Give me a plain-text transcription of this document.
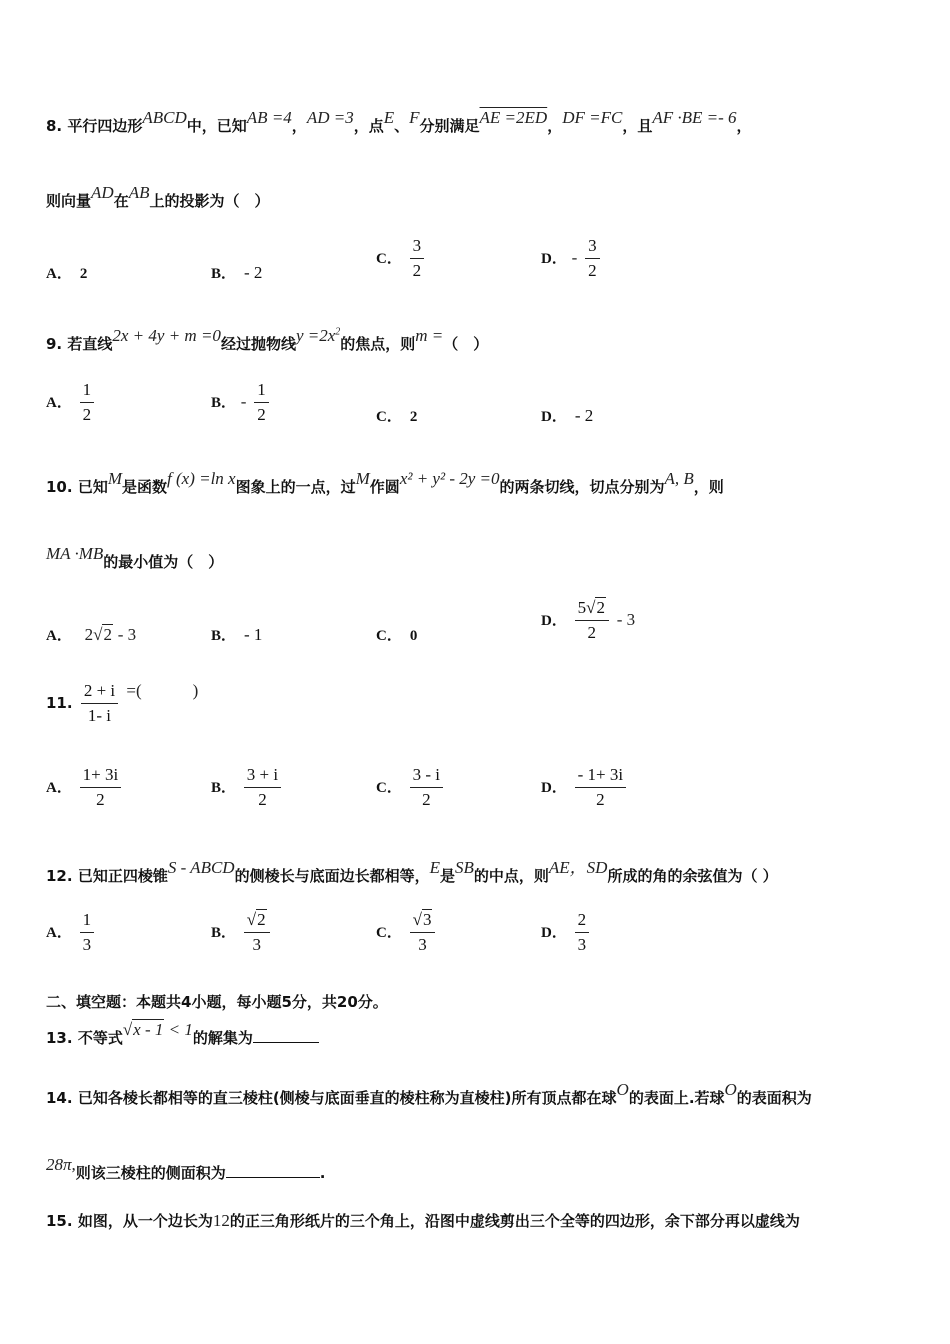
8. 平行四边形ABCD中，已知AB =4，AD =3，点E、F分别满足AE =2ED，DF =FC，且AF ·BE =- 6，
则向量AD在AB上的投影为（　）
A． 2	B． - 2
C． $\frac{3}{2}$	D． - $\frac{3}{2}$
9. 若直线2x + 4y + m =0经过抛物线$y =2x^2$的焦点，则m =（　）
A． $\frac{1}{2}$	B． - $\frac{1}{2}$	C． 2	D． - 2
10. 已知M是函数f (x) =ln x图象上的一点，过M作圆x² + y² - 2y =0的两条切线，切点分别为A, B，则
MA ·MB的最小值为（　）
A． 2√2 - 3	B． - 1	C． 0
D． $\frac{5√2}{2} - 3$
11. $\frac{2 + i}{1- i}$ =(　　　)
A． $\frac{1+ 3i}{2}$	B． $\frac{3 + i}{2}$	C． $\frac{3 - i}{2}$	D． $\frac{- 1+ 3i}{2}$
12. 已知正四棱锥S - ABCD的侧棱长与底面边长都相等，E是SB的中点，则AE，SD所成的角的余弦值为（ ）
A． $\frac{1}{3}$	B． $\frac{√2}{3}$	C． $\frac{√3}{3}$	D． $\frac{2}{3}$
二、填空题：本题共4小题，每小题5分，共20分。
13. 不等式√x - 1 < 1的解集为
14. 已知各棱长都相等的直三棱柱(侧棱与底面垂直的棱柱称为直棱柱)所有顶点都在球O的表面上.若球O的表面积为
28π,则该三棱柱的侧面积为	.
15. 如图，从一个边长为12的正三角形纸片的三个角上，沿图中虚线剪出三个全等的四边形，余下部分再以虚线为
